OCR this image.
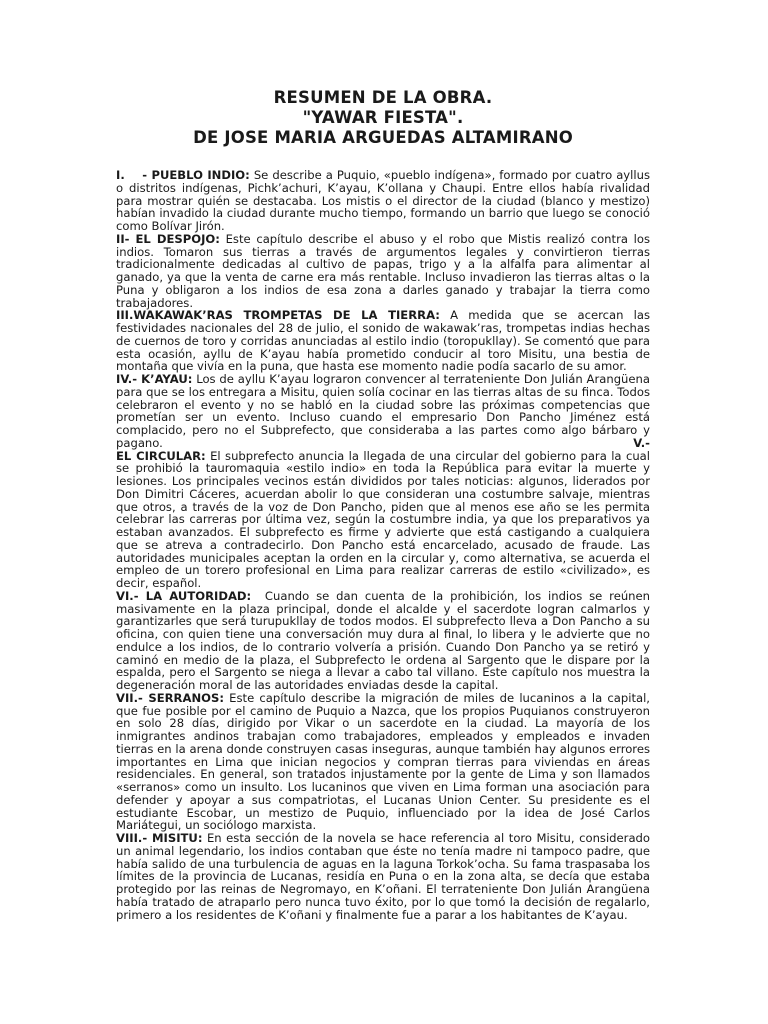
RESUMEN DE LA OBRA.

"YAWAR FIESTA".

DE JOSE MARIA ARGUEDAS ALTAMIRANO

I.    - PUEBLO INDIO: Se describe a Puquio, «pueblo indígena», formado por cuatro ayllus o distritos indígenas, Pichk’achuri, K’ayau, K’ollana y Chaupi. Entre ellos había rivalidad para mostrar quién se destacaba. Los mistis o el director de la ciudad (blanco y mestizo) habían invadido la ciudad durante mucho tiempo, formando un barrio que luego se conoció como Bolívar Jirón.

II- EL DESPOJO: Este capítulo describe el abuso y el robo que Mistis realizó contra los indios. Tomaron sus tierras a través de argumentos legales y convirtieron tierras tradicionalmente dedicadas al cultivo de papas, trigo y a la alfalfa para alimentar al ganado, ya que la venta de carne era más rentable. Incluso invadieron las tierras altas o la Puna y obligaron a los indios de esa zona a darles ganado y trabajar la tierra como trabajadores.

III.WAKAWAK’RAS TROMPETAS DE LA TIERRA: A medida que se acercan las festividades nacionales del 28 de julio, el sonido de wakawak’ras, trompetas indias hechas de cuernos de toro y corridas anunciadas al estilo indio (toropukllay). Se comentó que para esta ocasión, ayllu de K’ayau había prometido conducir al toro Misitu, una bestia de montaña que vivía en la puna, que hasta ese momento nadie podía sacarlo de su amor.

IV.- K’AYAU: Los de ayllu K’ayau lograron convencer al terrateniente Don Julián Arangüena para que se los entregara a Misitu, quien solía cocinar en las tierras altas de su finca. Todos celebraron el evento y no se habló en la ciudad sobre las próximas competencias que prometían ser un evento. Incluso cuando el empresario Don Pancho Jiménez está complacido, pero no el Subprefecto, que consideraba a las partes como algo bárbaro y pagano.	V.-

EL CIRCULAR: El subprefecto anuncia la llegada de una circular del gobierno para la cual se prohibió la tauromaquia «estilo indio» en toda la República para evitar la muerte y lesiones. Los principales vecinos están divididos por tales noticias: algunos, liderados por Don Dimitri Cáceres, acuerdan abolir lo que consideran una costumbre salvaje, mientras que otros, a través de la voz de Don Pancho, piden que al menos ese año se les permita celebrar las carreras por última vez, según la costumbre india, ya que los preparativos ya estaban avanzados. El subprefecto es firme y advierte que está castigando a cualquiera que se atreva a contradecirlo. Don Pancho está encarcelado, acusado de fraude. Las autoridades municipales aceptan la orden en la circular y, como alternativa, se acuerda el empleo de un torero profesional en Lima para realizar carreras de estilo «civilizado», es decir, español.

VI.- LA AUTORIDAD:  Cuando se dan cuenta de la prohibición, los indios se reúnen masivamente en la plaza principal, donde el alcalde y el sacerdote logran calmarlos y garantizarles que será turupukllay de todos modos. El subprefecto lleva a Don Pancho a su oficina, con quien tiene una conversación muy dura al final, lo libera y le advierte que no endulce a los indios, de lo contrario volvería a prisión. Cuando Don Pancho ya se retiró y caminó en medio de la plaza, el Subprefecto le ordena al Sargento que le dispare por la espalda, pero el Sargento se niega a llevar a cabo tal villano. Este capítulo nos muestra la degeneración moral de las autoridades enviadas desde la capital.

VII.- SERRANOS: Este capítulo describe la migración de miles de lucaninos a la capital, que fue posible por el camino de Puquio a Nazca, que los propios Puquianos construyeron en solo 28 días, dirigido por Vikar o un sacerdote en la ciudad. La mayoría de los inmigrantes andinos trabajan como trabajadores, empleados y empleados e invaden tierras en la arena donde construyen casas inseguras, aunque también hay algunos errores importantes en Lima que inician negocios y compran tierras para viviendas en áreas residenciales. En general, son tratados injustamente por la gente de Lima y son llamados «serranos» como un insulto. Los lucaninos que viven en Lima forman una asociación para defender y apoyar a sus compatriotas, el Lucanas Union Center. Su presidente es el estudiante Escobar, un mestizo de Puquio, influenciado por la idea de José Carlos Mariátegui, un sociólogo marxista.

VIII.- MISITU: En esta sección de la novela se hace referencia al toro Misitu, considerado un animal legendario, los indios contaban que éste no tenía madre ni tampoco padre, que había salido de una turbulencia de aguas en la laguna Torkok’ocha. Su fama traspasaba los límites de la provincia de Lucanas, residía en Puna o en la zona alta, se decía que estaba protegido por las reinas de Negromayo, en K’oñani. El terrateniente Don Julián Arangüena había tratado de atraparlo pero nunca tuvo éxito, por lo que tomó la decisión de regalarlo, primero a los residentes de K’oñani y finalmente fue a parar a los habitantes de K’ayau.
